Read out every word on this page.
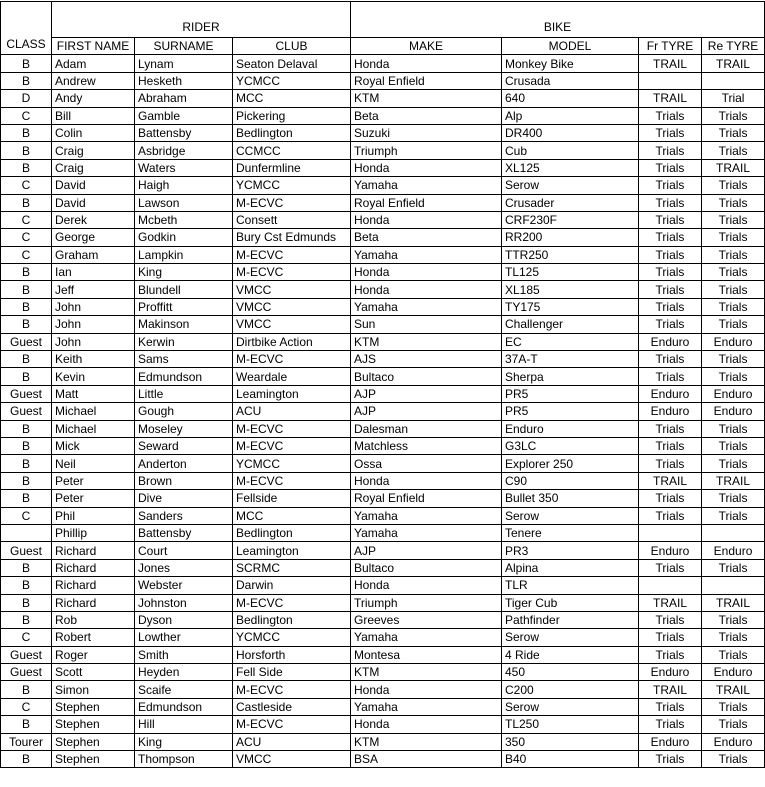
CLASS	RIDER			BIKE			
	FIRST NAME	SURNAME	CLUB	MAKE	MODEL	Fr TYRE	Re TYRE
B	Adam	Lynam	Seaton Delaval	Honda	Monkey Bike	TRAIL	TRAIL
B	Andrew	Hesketh	YCMCC	Royal Enfield	Crusada		
D	Andy	Abraham	MCC	KTM	640	TRAIL	Trial
C	Bill	Gamble	Pickering	Beta	Alp	Trials	Trials
B	Colin	Battensby	Bedlington	Suzuki	DR400	Trials	Trials
B	Craig	Asbridge	CCMCC	Triumph	Cub	Trials	Trials
B	Craig	Waters	Dunfermline	Honda	XL125	Trials	TRAIL
C	David	Haigh	YCMCC	Yamaha	Serow	Trials	Trials
B	David	Lawson	M-ECVC	Royal Enfield	Crusader	Trials	Trials
C	Derek	Mcbeth	Consett	Honda	CRF230F	Trials	Trials
C	George	Godkin	Bury Cst Edmunds	Beta	RR200	Trials	Trials
C	Graham	Lampkin	M-ECVC	Yamaha	TTR250	Trials	Trials
B	Ian	King	M-ECVC	Honda	TL125	Trials	Trials
B	Jeff	Blundell	VMCC	Honda	XL185	Trials	Trials
B	John	Proffitt	VMCC	Yamaha	TY175	Trials	Trials
B	John	Makinson	VMCC	Sun	Challenger	Trials	Trials
Guest	John	Kerwin	Dirtbike Action	KTM	EC	Enduro	Enduro
B	Keith	Sams	M-ECVC	AJS	37A-T	Trials	Trials
B	Kevin	Edmundson	Weardale	Bultaco	Sherpa	Trials	Trials
Guest	Matt	Little	Leamington	AJP	PR5	Enduro	Enduro
Guest	Michael	Gough	ACU	AJP	PR5	Enduro	Enduro
B	Michael	Moseley	M-ECVC	Dalesman	Enduro	Trials	Trials
B	Mick	Seward	M-ECVC	Matchless	G3LC	Trials	Trials
B	Neil	Anderton	YCMCC	Ossa	Explorer 250	Trials	Trials
B	Peter	Brown	M-ECVC	Honda	C90	TRAIL	TRAIL
B	Peter	Dive	Fellside	Royal Enfield	Bullet 350	Trials	Trials
C	Phil	Sanders	MCC	Yamaha	Serow	Trials	Trials
	Phillip	Battensby	Bedlington	Yamaha	Tenere		
Guest	Richard	Court	Leamington	AJP	PR3	Enduro	Enduro
B	Richard	Jones	SCRMC	Bultaco	Alpina	Trials	Trials
B	Richard	Webster	Darwin	Honda	TLR		
B	Richard	Johnston	M-ECVC	Triumph	Tiger Cub	TRAIL	TRAIL
B	Rob	Dyson	Bedlington	Greeves	Pathfinder	Trials	Trials
C	Robert	Lowther	YCMCC	Yamaha	Serow	Trials	Trials
Guest	Roger	Smith	Horsforth	Montesa	4 Ride	Trials	Trials
Guest	Scott	Heyden	Fell Side	KTM	450	Enduro	Enduro
B	Simon	Scaife	M-ECVC	Honda	C200	TRAIL	TRAIL
C	Stephen	Edmundson	Castleside	Yamaha	Serow	Trials	Trials
B	Stephen	Hill	M-ECVC	Honda	TL250	Trials	Trials
Tourer	Stephen	King	ACU	KTM	350	Enduro	Enduro
B	Stephen	Thompson	VMCC	BSA	B40	Trials	Trials
